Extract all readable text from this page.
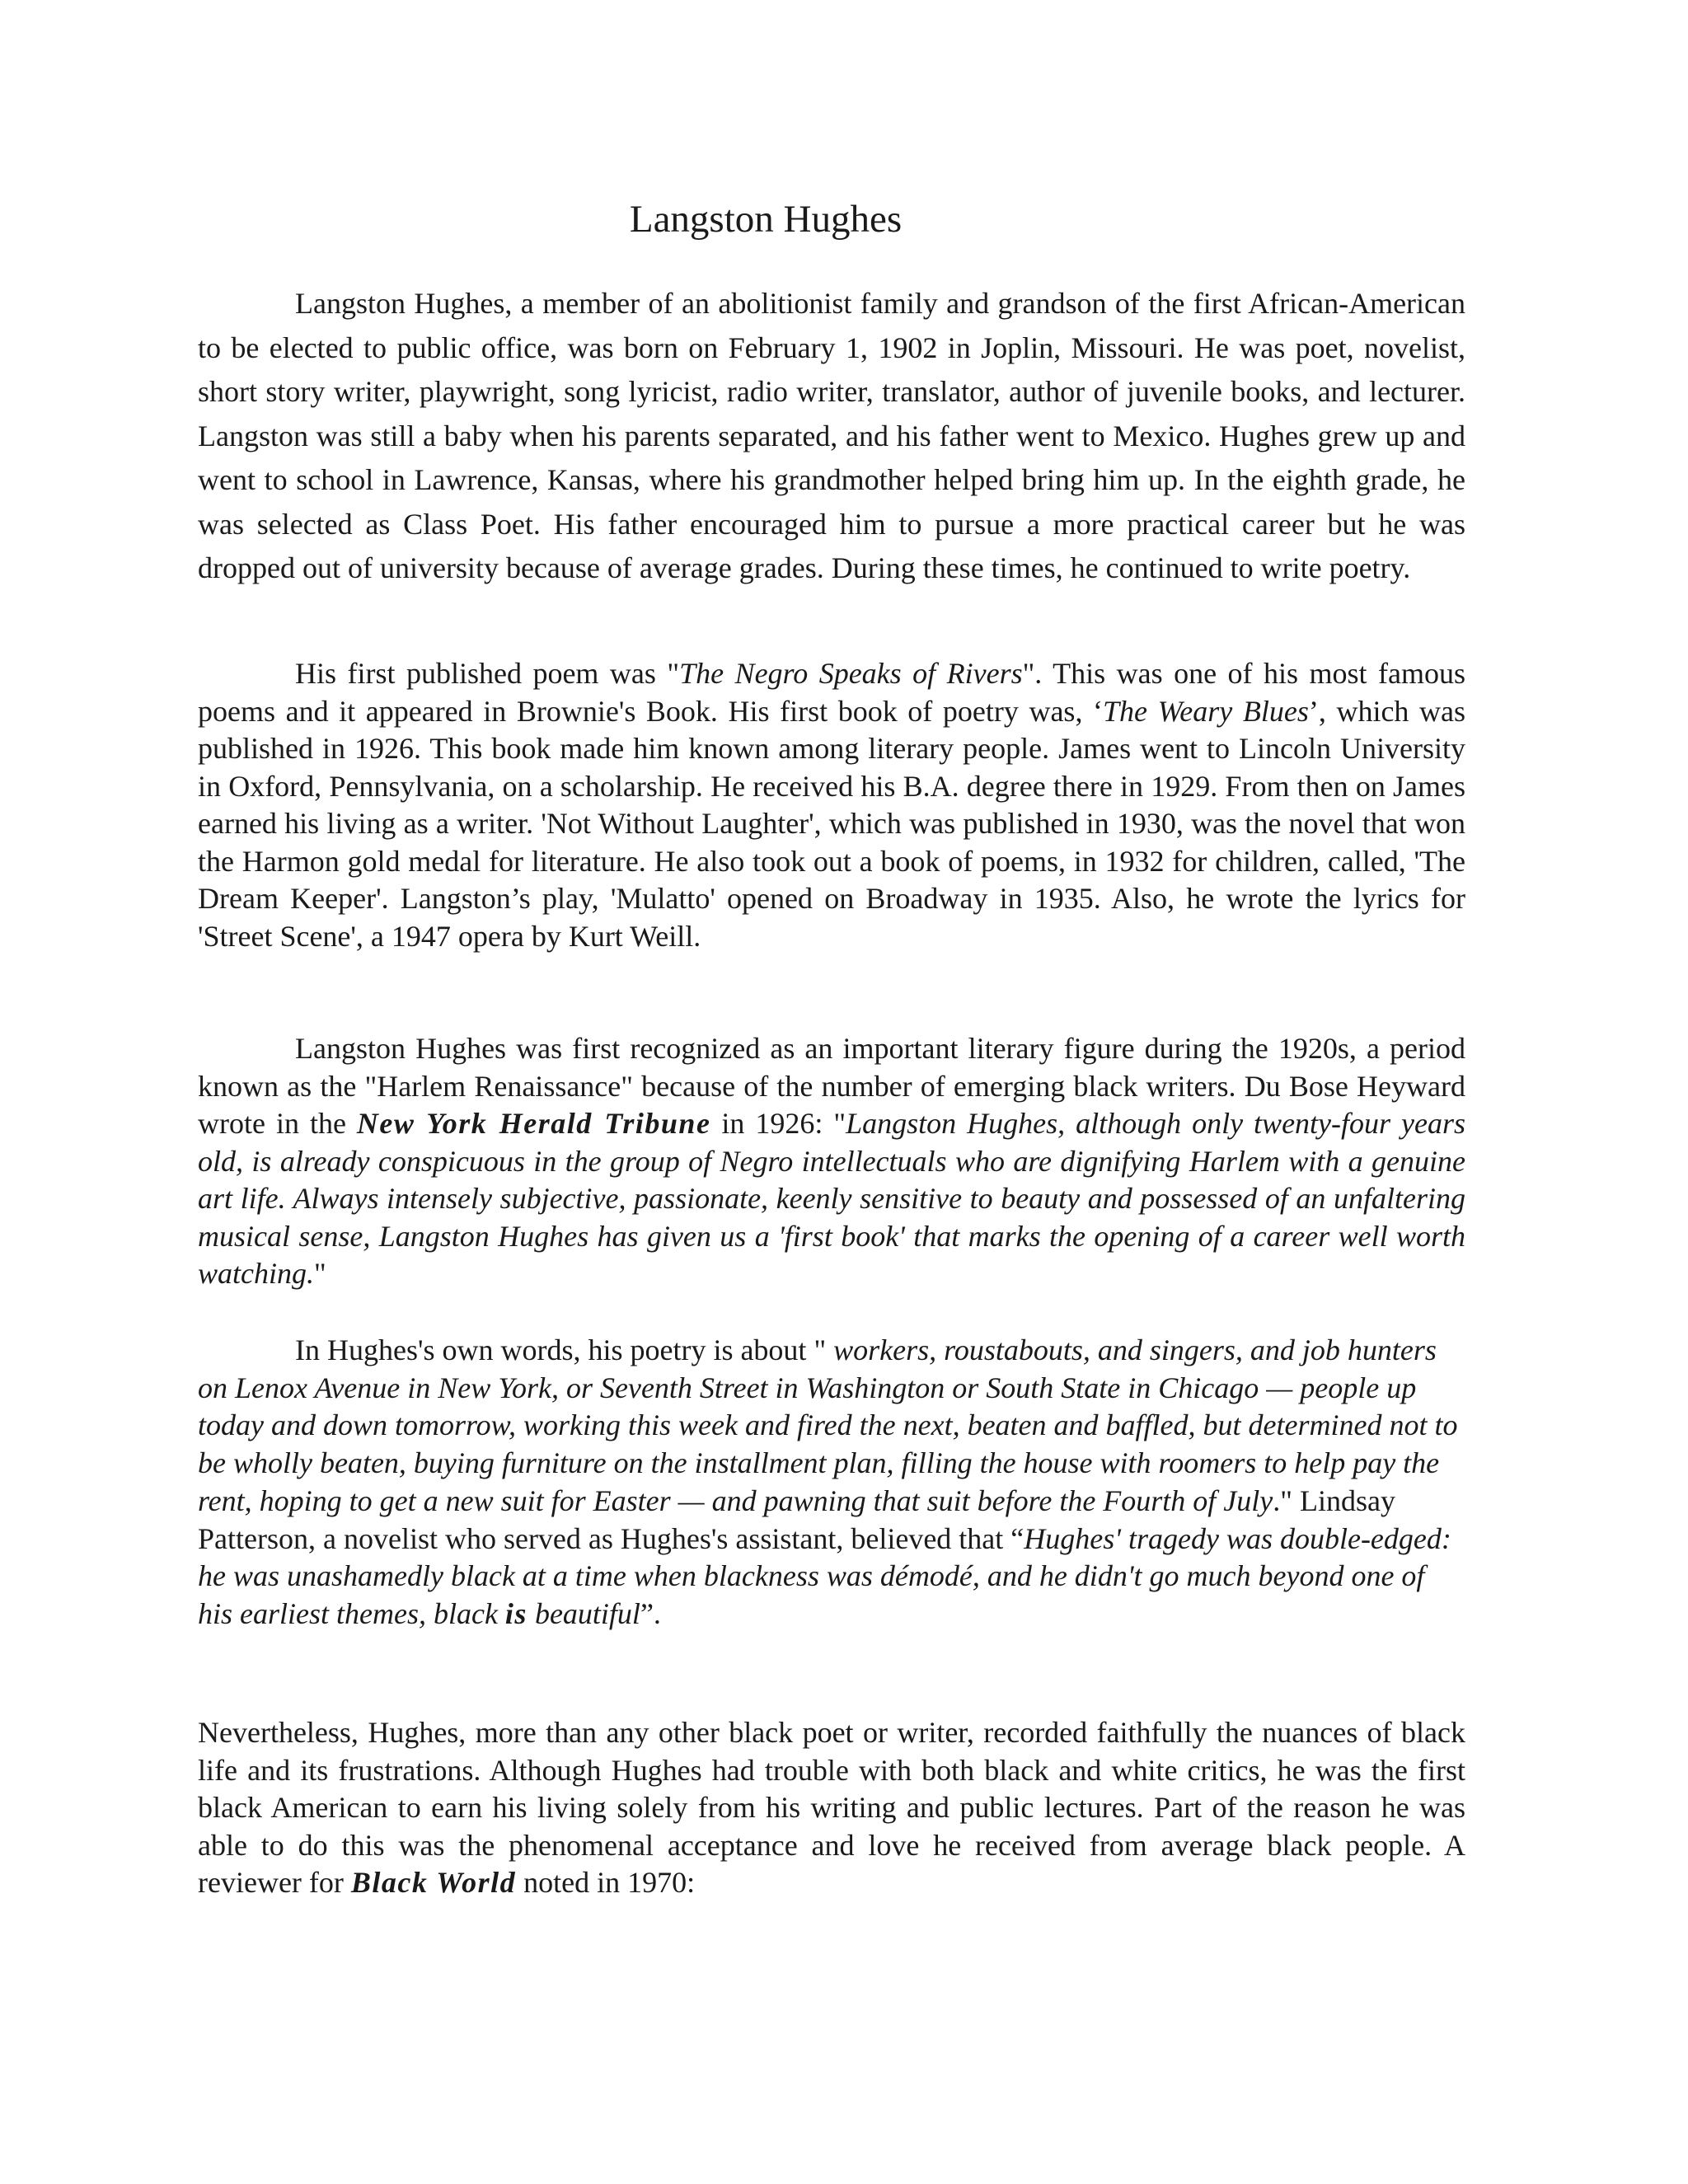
Langston Hughes

Langston Hughes, a member of an abolitionist family and grandson of the first African-American to be elected to public office, was born on February 1, 1902 in Joplin, Missouri. He was poet, novelist, short story writer, playwright, song lyricist, radio writer, translator, author of juvenile books, and lecturer. Langston was still a baby when his parents separated, and his father went to Mexico. Hughes grew up and went to school in Lawrence, Kansas, where his grandmother helped bring him up. In the eighth grade, he was selected as Class Poet. His father encouraged him to pursue a more practical career but he was dropped out of university because of average grades. During these times, he continued to write poetry.

His first published poem was "The Negro Speaks of Rivers". This was one of his most famous poems and it appeared in Brownie's Book. His first book of poetry was, ‘The Weary Blues’, which was published in 1926. This book made him known among literary people. James went to Lincoln University in Oxford, Pennsylvania, on a scholarship. He received his B.A. degree there in 1929. From then on James earned his living as a writer. 'Not Without Laughter', which was published in 1930, was the novel that won the Harmon gold medal for literature. He also took out a book of poems, in 1932 for children, called, 'The Dream Keeper'. Langston’s play, 'Mulatto' opened on Broadway in 1935. Also, he wrote the lyrics for 'Street Scene', a 1947 opera by Kurt Weill.

Langston Hughes was first recognized as an important literary figure during the 1920s, a period known as the "Harlem Renaissance" because of the number of emerging black writers. Du Bose Heyward wrote in the New York Herald Tribune in 1926: "Langston Hughes, although only twenty-four years old, is already conspicuous in the group of Negro intellectuals who are dignifying Harlem with a genuine art life. Always intensely subjective, passionate, keenly sensitive to beauty and possessed of an unfaltering musical sense, Langston Hughes has given us a 'first book' that marks the opening of a career well worth watching."

In Hughes's own words, his poetry is about " workers, roustabouts, and singers, and job hunters on Lenox Avenue in New York, or Seventh Street in Washington or South State in Chicago — people up today and down tomorrow, working this week and fired the next, beaten and baffled, but determined not to be wholly beaten, buying furniture on the installment plan, filling the house with roomers to help pay the rent, hoping to get a new suit for Easter — and pawning that suit before the Fourth of July." Lindsay Patterson, a novelist who served as Hughes's assistant, believed that “Hughes' tragedy was double-edged: he was unashamedly black at a time when blackness was démodé, and he didn't go much beyond one of his earliest themes, black is beautiful”.

Nevertheless, Hughes, more than any other black poet or writer, recorded faithfully the nuances of black life and its frustrations. Although Hughes had trouble with both black and white critics, he was the first black American to earn his living solely from his writing and public lectures. Part of the reason he was able to do this was the phenomenal acceptance and love he received from average black people. A reviewer for Black World noted in 1970:
